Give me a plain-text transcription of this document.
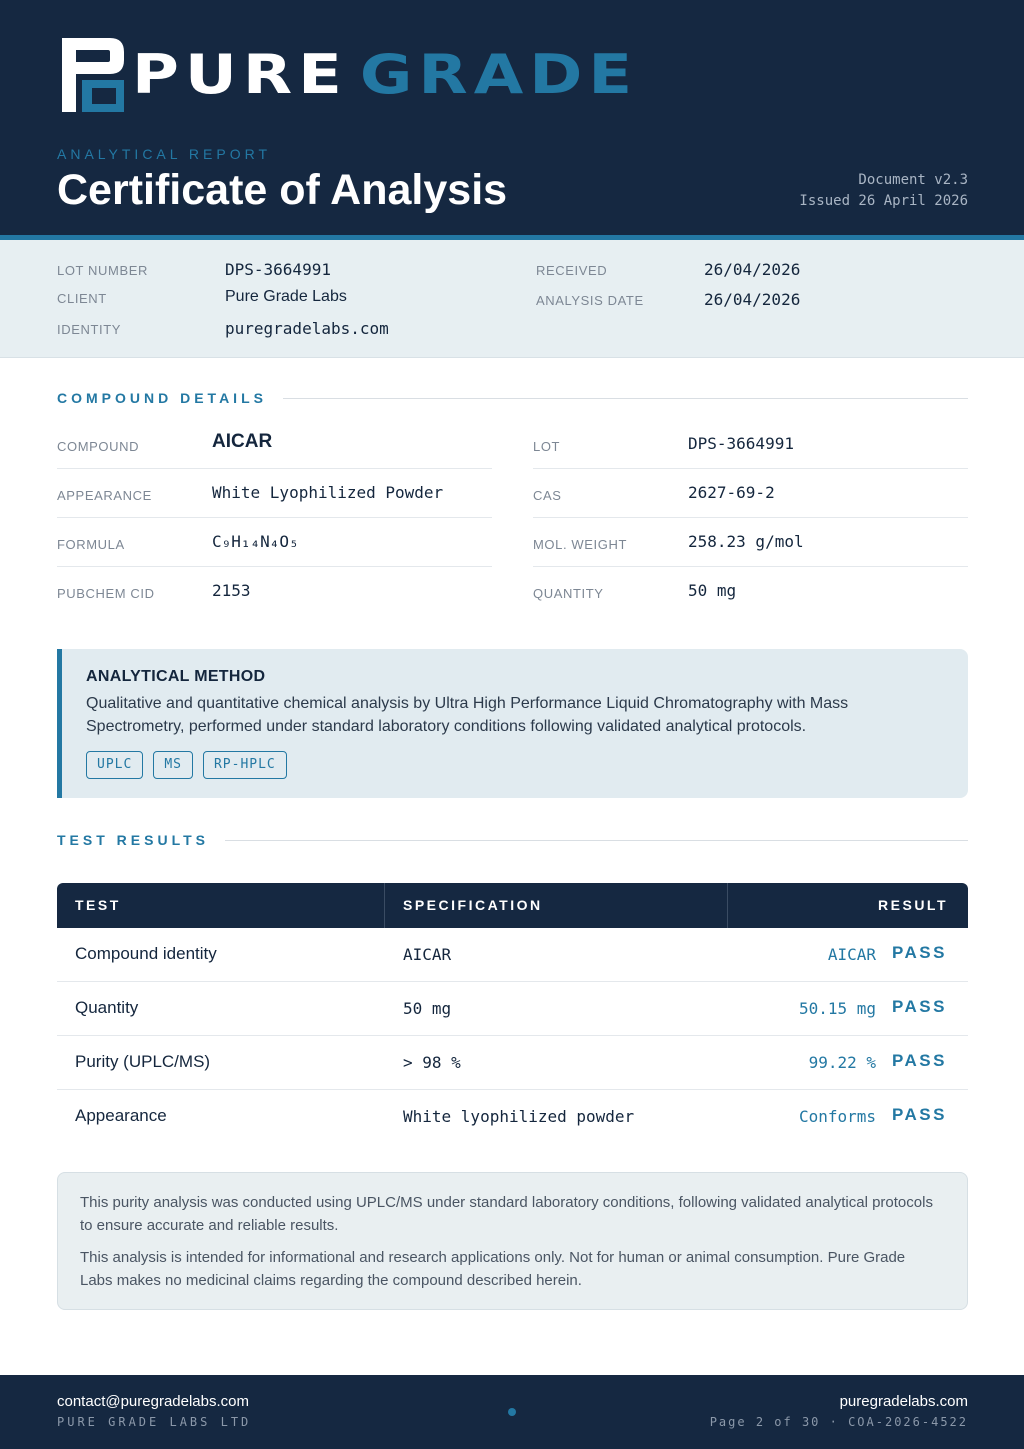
PURE GRADE
ANALYTICAL REPORT
Certificate of Analysis	Document v2.3
Issued 26 April 2026
LOT NUMBER	DPS-3664991
CLIENT	Pure Grade Labs
IDENTITY	puregradelabs.com
RECEIVED	26/04/2026
ANALYSIS DATE	26/04/2026
COMPOUND DETAILS
COMPOUND	AICAR
APPEARANCE	White Lyophilized Powder
FORMULA	C₉H₁₄N₄O₅
PUBCHEM CID	2153
LOT	DPS-3664991
CAS	2627-69-2
MOL. WEIGHT	258.23 g/mol
QUANTITY	50 mg
ANALYTICAL METHOD
Qualitative and quantitative chemical analysis by Ultra High Performance Liquid Chromatography with Mass Spectrometry, performed under standard laboratory conditions following validated analytical protocols.
UPLC	MS	RP-HPLC
TEST RESULTS
TEST	SPECIFICATION	RESULT
Compound identity	AICAR	AICAR PASS
Quantity	50 mg	50.15 mg PASS
Purity (UPLC/MS)	> 98 %	99.22 % PASS
Appearance	White lyophilized powder	Conforms PASS

This purity analysis was conducted using UPLC/MS under standard laboratory conditions, following validated analytical protocols to ensure accurate and reliable results.

This analysis is intended for informational and research applications only. Not for human or animal consumption. Pure Grade Labs makes no medicinal claims regarding the compound described herein.

contact@puregradelabs.com
PURE GRADE LABS LTD
puregradelabs.com
Page 2 of 30 · COA-2026-4522
